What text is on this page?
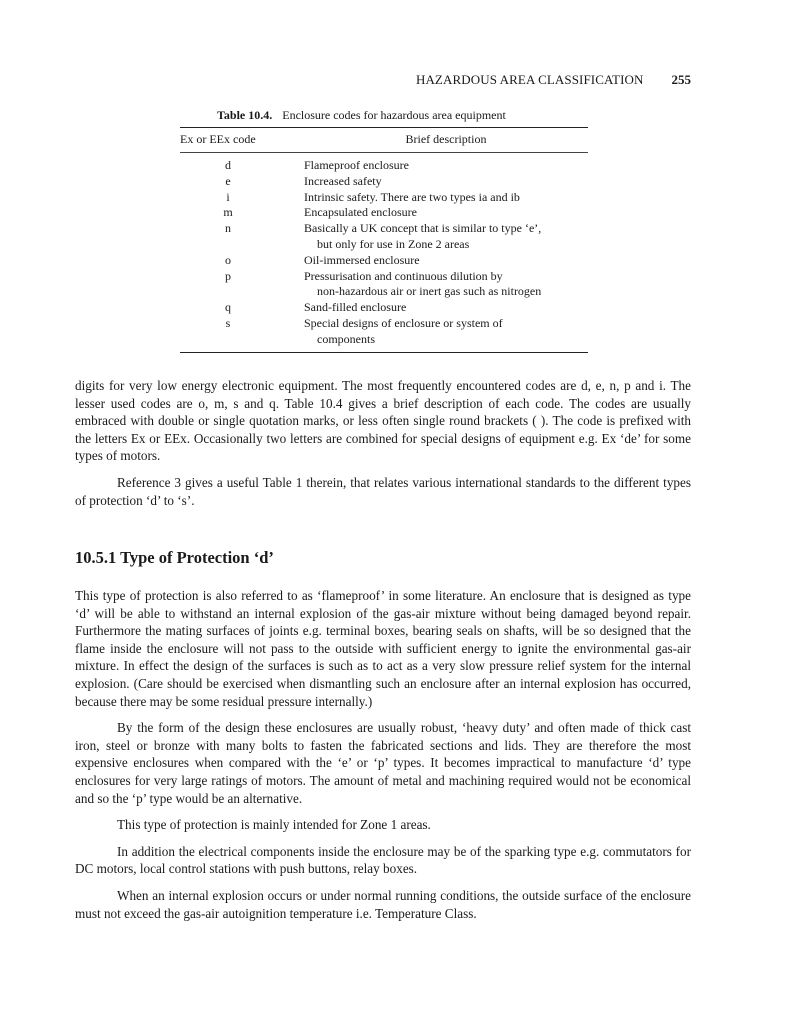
HAZARDOUS AREA CLASSIFICATION 255
Table 10.4. Enclosure codes for hazardous area equipment
Ex or EEx code		Brief description
d		Flameproof enclosure
e		Increased safety
i		Intrinsic safety. There are two types ia and ib
m		Encapsulated enclosure
n		Basically a UK concept that is similar to type ‘e’,
but only for use in Zone 2 areas

o		Oil-immersed enclosure
p		Pressurisation and continuous dilution by
non-hazardous air or inert gas such as nitrogen

q		Sand-filled enclosure
s		Special designs of enclosure or system of
components

digits for very low energy electronic equipment. The most frequently encountered codes are d, e, n, p and i. The lesser used codes are o, m, s and q. Table 10.4 gives a brief description of each code. The codes are usually embraced with double or single quotation marks, or less often single round brackets ( ). The code is prefixed with the letters Ex or EEx. Occasionally two letters are combined for special designs of equipment e.g. Ex ‘de’ for some types of motors.

Reference 3 gives a useful Table 1 therein, that relates various international standards to the different types of protection ‘d’ to ‘s’.

10.5.1 Type of Protection ‘d’

This type of protection is also referred to as ‘flameproof’ in some literature. An enclosure that is designed as type ‘d’ will be able to withstand an internal explosion of the gas-air mixture without being damaged beyond repair. Furthermore the mating surfaces of joints e.g. terminal boxes, bearing seals on shafts, will be so designed that the flame inside the enclosure will not pass to the outside with sufficient energy to ignite the environmental gas-air mixture. In effect the design of the surfaces is such as to act as a very slow pressure relief system for the internal explosion. (Care should be exercised when dismantling such an enclosure after an internal explosion has occurred, because there may be some residual pressure internally.)

By the form of the design these enclosures are usually robust, ‘heavy duty’ and often made of thick cast iron, steel or bronze with many bolts to fasten the fabricated sections and lids. They are therefore the most expensive enclosures when compared with the ‘e’ or ‘p’ types. It becomes impractical to manufacture ‘d’ type enclosures for very large ratings of motors. The amount of metal and machining required would not be economical and so the ‘p’ type would be an alternative.

This type of protection is mainly intended for Zone 1 areas.

In addition the electrical components inside the enclosure may be of the sparking type e.g. commutators for DC motors, local control stations with push buttons, relay boxes.

When an internal explosion occurs or under normal running conditions, the outside surface of the enclosure must not exceed the gas-air autoignition temperature i.e. Temperature Class.
